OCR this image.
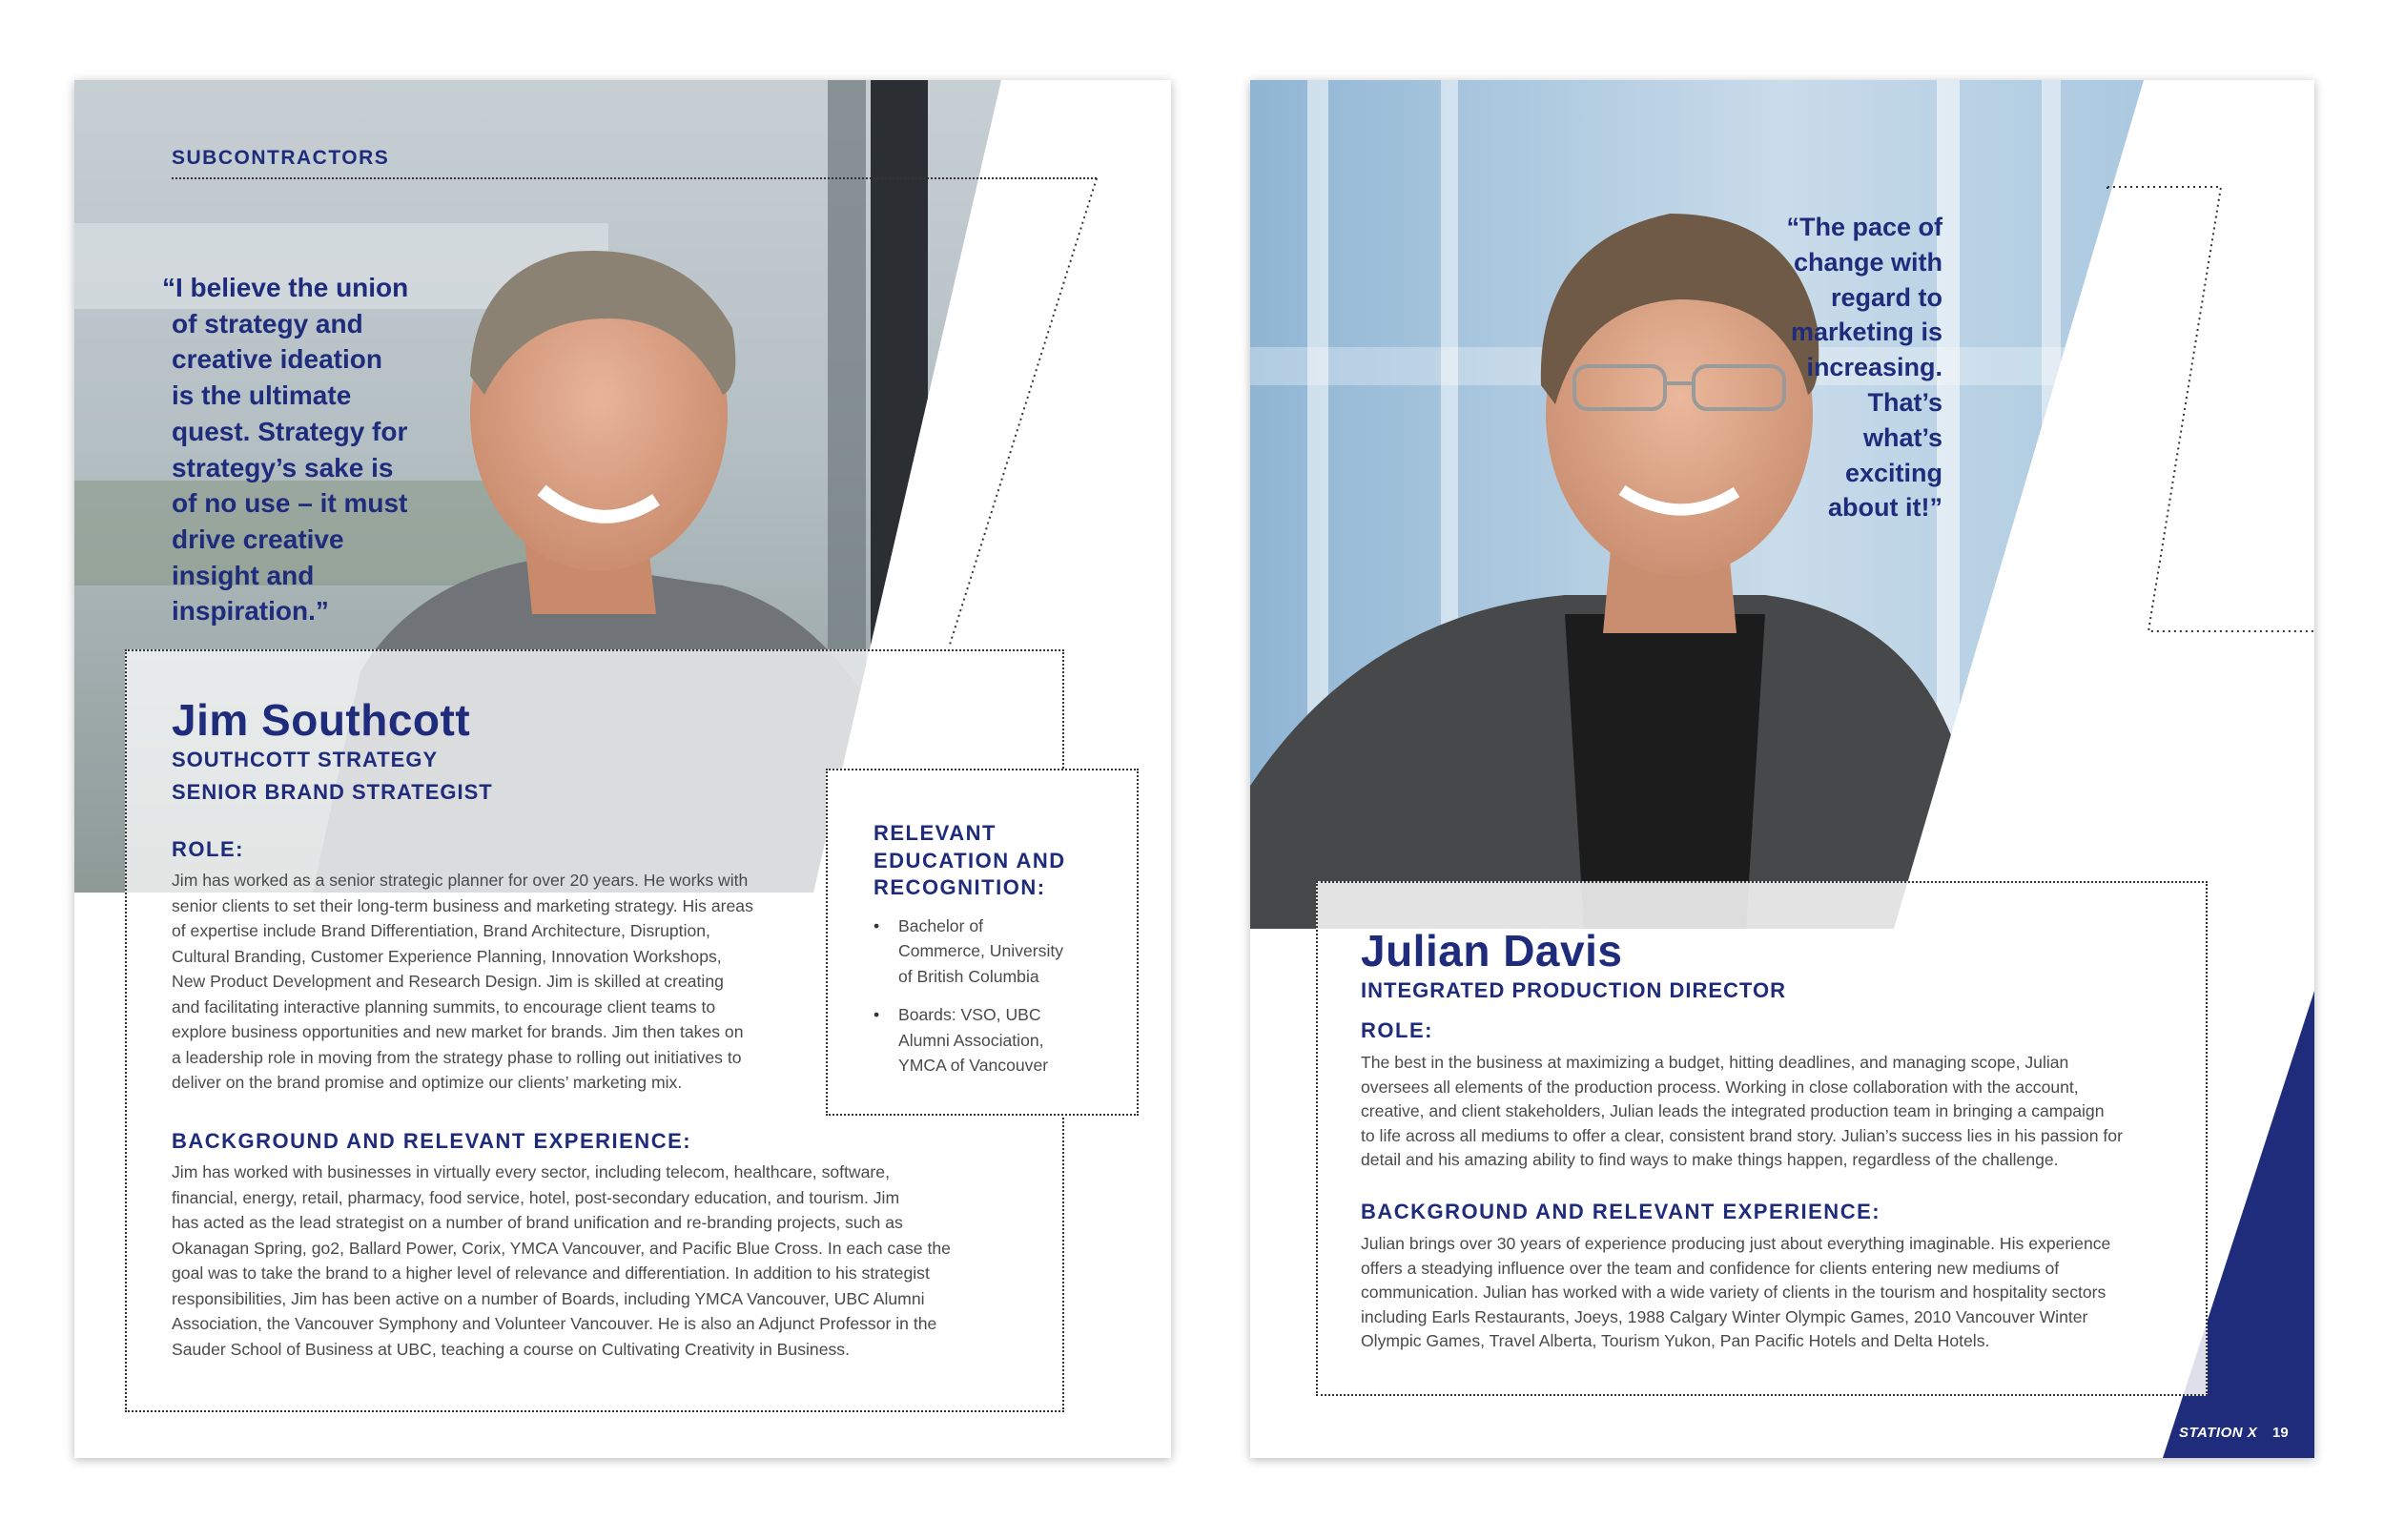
SUBCONTRACTORS
“I believe the union
of strategy and
creative ideation
is the ultimate
quest. Strategy for
strategy’s sake is
of no use – it must
drive creative
insight and
inspiration.”
RELEVANT
EDUCATION AND
RECOGNITION:
• Bachelor of
Commerce, University
of British Columbia
• Boards: VSO, UBC
Alumni Association,
YMCA of Vancouver
Jim Southcott
SOUTHCOTT STRATEGY
SENIOR BRAND STRATEGIST
ROLE:
Jim has worked as a senior strategic planner for over 20 years. He works with
senior clients to set their long-term business and marketing strategy. His areas
of expertise include Brand Differentiation, Brand Architecture, Disruption,
Cultural Branding, Customer Experience Planning, Innovation Workshops,
New Product Development and Research Design. Jim is skilled at creating
and facilitating interactive planning summits, to encourage client teams to
explore business opportunities and new market for brands. Jim then takes on
a leadership role in moving from the strategy phase to rolling out initiatives to
deliver on the brand promise and optimize our clients’ marketing mix.
BACKGROUND AND RELEVANT EXPERIENCE:
Jim has worked with businesses in virtually every sector, including telecom, healthcare, software,
financial, energy, retail, pharmacy, food service, hotel, post-secondary education, and tourism. Jim
has acted as the lead strategist on a number of brand unification and re-branding projects, such as
Okanagan Spring, go2, Ballard Power, Corix, YMCA Vancouver, and Pacific Blue Cross. In each case the
goal was to take the brand to a higher level of relevance and differentiation. In addition to his strategist
responsibilities, Jim has been active on a number of Boards, including YMCA Vancouver, UBC Alumni
Association, the Vancouver Symphony and Volunteer Vancouver. He is also an Adjunct Professor in the
Sauder School of Business at UBC, teaching a course on Cultivating Creativity in Business.
“The pace of
change with
regard to
marketing is
increasing.
That’s
what’s
exciting
about it!”
Julian Davis
INTEGRATED PRODUCTION DIRECTOR
ROLE:
The best in the business at maximizing a budget, hitting deadlines, and managing scope, Julian
oversees all elements of the production process. Working in close collaboration with the account,
creative, and client stakeholders, Julian leads the integrated production team in bringing a campaign
to life across all mediums to offer a clear, consistent brand story. Julian’s success lies in his passion for
detail and his amazing ability to find ways to make things happen, regardless of the challenge.
BACKGROUND AND RELEVANT EXPERIENCE:
Julian brings over 30 years of experience producing just about everything imaginable. His experience
offers a steadying influence over the team and confidence for clients entering new mediums of
communication. Julian has worked with a wide variety of clients in the tourism and hospitality sectors
including Earls Restaurants, Joeys, 1988 Calgary Winter Olympic Games, 2010 Vancouver Winter
Olympic Games, Travel Alberta, Tourism Yukon, Pan Pacific Hotels and Delta Hotels.
STATION X 19
